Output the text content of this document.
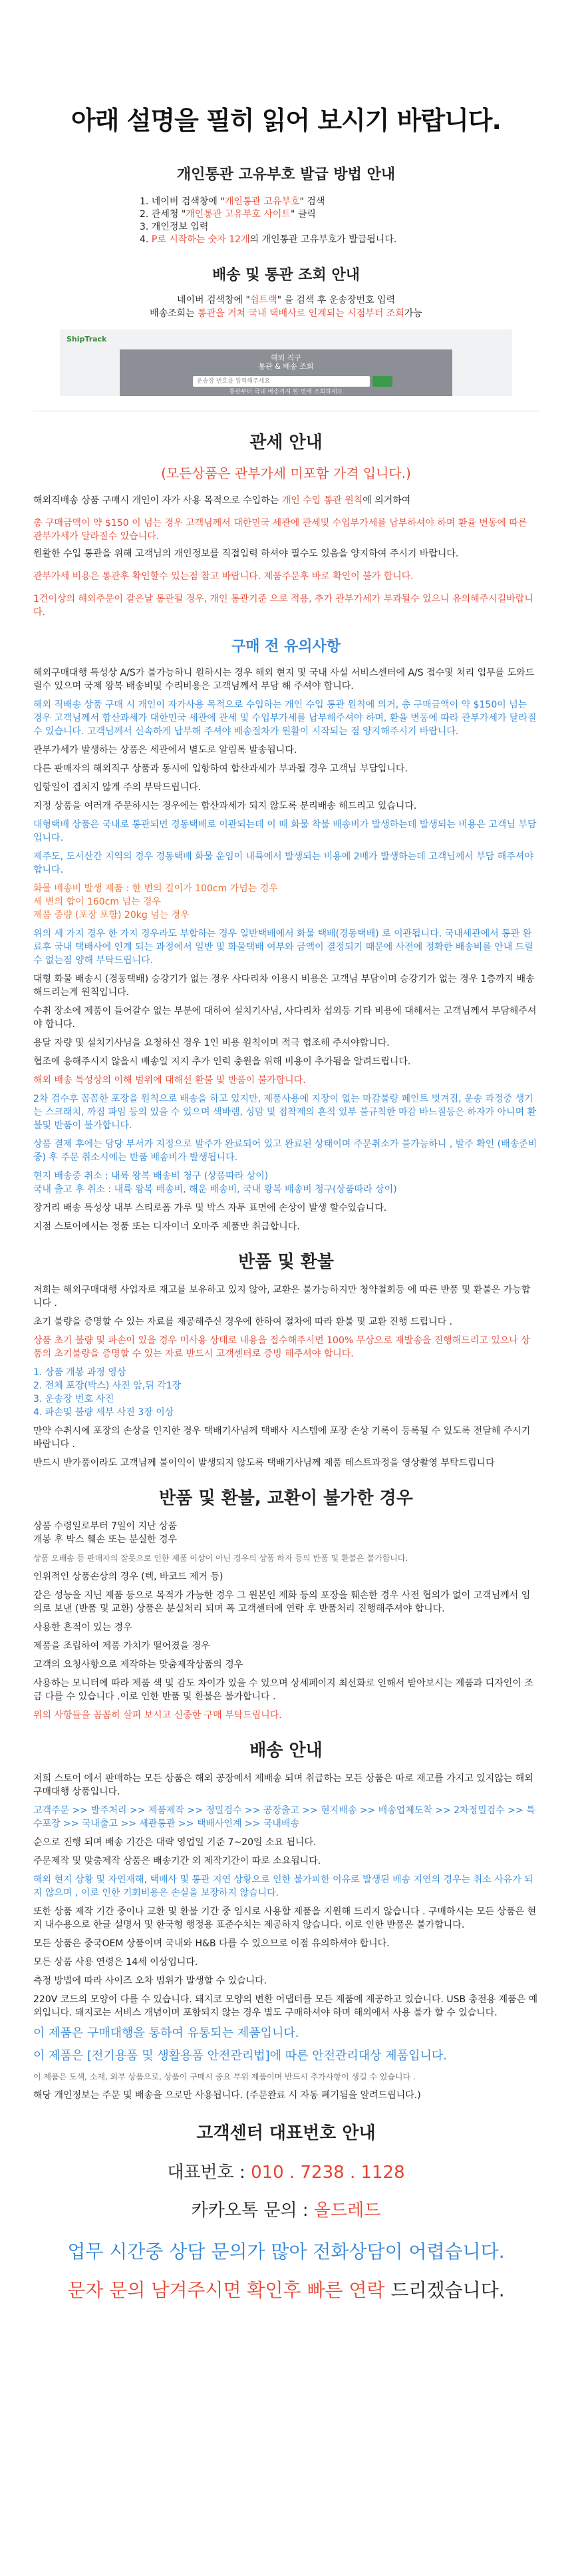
아래 설명을 필히 읽어 보시기 바랍니다.

개인통관 고유부호 발급 방법 안내

1. 네이버 검색창에 "개인통관 고유부호" 검색
2. 관세청 "개인통관 고유부호 사이트" 클릭
3. 개인정보 입력
4. P로 시작하는 숫자 12개의 개인통관 고유부호가 발급됩니다.

배송 및 통관 조회 안내

네이버 검색창에 "쉽트랙" 을 검색 후 운송장번호 입력
배송조회는 통관을 거쳐 국내 택배사로 인계되는 시점부터 조회가능
ShipTrack
해외 직구
통관 & 배송 조회
운송장 번호를 입력해주세요
통관부터 국내 배송까지 한 번에 조회하세요

관세 안내

(모든상품은 관부가세 미포함 가격 입니다.)

해외직배송 상품 구매시 개인이 자가 사용 목적으로 수입하는 개인 수입 통관 원칙에 의거하여

총 구매금액이 약 $150 이 넘는 경우 고객님께서 대한민국 세관에 관세및 수입부가세를 납부하셔야 하며 환율 변동에 따른 관부가세가 달라질수 있습니다.

원활한 수입 통관을 위해 고객님의 개인정보를 직접입력 하셔야 필수도 있음을 양지하여 주시기 바랍니다.

관부가세 비용은 통관후 확인할수 있는점 참고 바랍니다. 제품주문후 바로 확인이 불가 합니다.

1건이상의 해외주문이 같은날 통관될 경우, 개인 통관기준 으로 적용, 추가 관부가세가 부과될수 있으니 유의해주시길바랍니다.

구매 전 유의사항

해외구매대행 특성상 A/S가 불가능하니 원하시는 경우 해외 현지 및 국내 사설 서비스센터에 A/S 접수및 처리 업무를 도와드릴수 있으며 국제 왕복 배송비및 수리비용은 고객님께서 부담 해 주셔야 합니다.

해외 직배송 상품 구매 시 개인이 자가사용 목적으로 수입하는 개인 수입 통관 원칙에 의거, 총 구매금액이 약 $150이 넘는 경우 고객님께서 합산과세가 대한민국 세관에 관세 및 수입부가세를 납부해주셔야 하며, 환율 변동에 따라 관부가세가 달라질 수 있습니다. 고객님께서 신속하게 납부해 주셔야 배송절차가 원활이 시작되는 점 양지해주시기 바랍니다.

관부가세가 발생하는 상품은 세관에서 별도로 알림톡 발송됩니다.

다른 판매자의 해외직구 상품과 동시에 입항하여 합산과세가 부과될 경우 고객님 부담입니다.

입항일이 겹치지 않게 주의 부탁드립니다.

지정 상품을 여러개 주문하시는 경우에는 합산과세가 되지 않도록 분리배송 해드리고 있습니다.

대형택배 상품은 국내로 통관되면 경동택배로 이관되는데 이 때 화물 착불 배송비가 발생하는데 발생되는 비용은 고객님 부담입니다.

제주도, 도서산간 지역의 경우 경동택배 화물 운임이 내륙에서 발생되는 비용에 2배가 발생하는데 고객님께서 부담 해주셔야합니다.

화물 배송비 발생 제품 : 한 변의 길이가 100cm 가넘는 경우
세 변의 합이 160cm 넘는 경우
제품 중량 (포장 포함) 20kg 넘는 경우

위의 세 가지 경우 한 가지 경우라도 부합하는 경우 일반택배에서 화물 택배(경동택배) 로 이관됩니다. 국내세관에서 통관 완료후 국내 택배사에 인계 되는 과정에서 일반 및 화물택배 여부와 금액이 결정되기 때문에 사전에 정확한 배송비를 안내 드릴수 없는점 양해 부탁드립니다.

대형 화물 배송시 (경동택배) 승강기가 없는 경우 사다리차 이용시 비용은 고객님 부담이며 승강기가 없는 경우 1층까지 배송해드리는게 원칙입니다.

수취 장소에 제품이 들어갈수 없는 부분에 대하여 설치기사님, 사다리차 섭외등 기타 비용에 대해서는 고객님께서 부담해주셔야 합니다.

용달 자량 및 설치기사님을 요청하신 경우 1인 비용 원칙이며 적극 협조해 주셔야합니다.

협조에 응해주시지 않을시 배송일 지지 추가 인력 충원을 위해 비용이 추가됨을 알려드립니다.

해외 배송 특성상의 이해 범위에 대해선 환불 및 반품이 불가합니다.

2차 검수후 꼼꼼한 포장을 원칙으로 배송을 하고 있지만, 제품사용에 지장이 없는 마감불량 페인트 벗겨짐, 운송 과정중 생기는 스크래치, 까짐 파임 등의 있을 수 있으며 색바램, 싱맘 및 접착제의 흔적 있부 불규칙한 마감 바느질등은 하자가 아니며 환불및 반품이 불가합니다.

상품 결제 후에는 담당 부서가 지정으로 발주가 완료되어 있고 완료된 상태이며 주문취소가 불가능하니 , 발주 확인 (배송준비중) 후 주문 취소시에는 반품 배송비가 발생됩니다.

현지 배송중 취소 : 내륙 왕복 배송비 청구 (상품따라 상이)
국내 출고 후 취소 : 내륙 왕복 배송비, 해운 배송비, 국내 왕복 배송비 청구(상품따라 상이)

장거리 배송 특성상 내부 스티로폼 가루 및 박스 자투 표면에 손상이 발생 할수있습니다.

지점 스토어에서는 정품 또는 디자이너 오마주 제품만 취급합니다.

반품 및 환불

저희는 해외구매대행 사업자로 재고를 보유하고 있지 않아, 교환은 불가능하지만 청약철회등 에 따른 반품 및 환불은 가능합니다 .

초기 불량을 증명할 수 있는 자료를 제공해주신 경우에 한하여 절차에 따라 환불 및 교환 진행 드립니다 .

상품 초기 불량 및 파손이 있을 경우 미사용 상태로 내용을 접수해주시면 100% 무상으로 재발송을 진행해드리고 있으나 상품의 초기불량을 증명할 수 있는 자료 반드시 고객센터로 증빙 해주셔야 합니다.

1. 상품 개봉 과정 영상
2. 전체 포장(박스) 사진 앞,뒤 각1장
3. 운송장 번호 사진
4. 파손및 불량 세부 사진 3장 이상

만약 수취시에 포장의 손상을 인지한 경우 택배기사님께 택배사 시스템에 포장 손상 기록이 등록될 수 있도록 전달해 주시기 바랍니다 .

반드시 반가품이라도 고객님께 불이익이 발생되지 않도록 택배기사님께 제품 테스트과정을 영상촬영 부탁드립니다

반품 및 환불, 교환이 불가한 경우

상품 수령일로부터 7일이 지난 상품
개봉 후 박스 훼손 또는 분실한 경우

상품 오배송 등 판매자의 잘못으로 인한 제품 이상이 아닌 경우의 상품 하자 등의 반품 및 환불은 불가합니다.

인위적인 상품손상의 경우 (텍, 바코드 제거 등)

같은 성능을 지닌 제품 등으로 목적가 가능한 경우 그 원본인 제화 등의 포장을 훼손한 경우 사전 협의가 없이 고객님께서 임의로 보낸 (반품 및 교환) 상품은 분실처리 되며 폭 고객센터에 연락 후 반품처리 진행해주셔야 합니다.

사용한 흔적이 있는 경우

제품을 조립하여 제품 가치가 떨어졌을 경우

고객의 요청사항으로 제작하는 맞춤제작상품의 경우

사용하는 모니터에 따라 제품 색 및 감도 차이가 있을 수 있으며 상세페이지 최선화로 인해서 받아보시는 제품과 디자인이 조금 다를 수 있습니다 .이로 인한 반품 및 환불은 불가합니다 .

위의 사항들을 꼼꼼히 살펴 보시고 신중한 구매 부탁드립니다.

배송 안내

저희 스토어 에서 판매하는 모든 상품은 해외 공장에서 제배송 되며 취급하는 모든 상품은 따로 재고를 가지고 있지않는 해외 구매대행 상품입니다.

고객주문 >> 발주처리 >> 제품제작 >> 정밀검수 >> 공장출고 >> 현지배송 >> 배송업체도착 >> 2차정밀검수 >> 특수포장 >> 국내출고 >> 세관통관 >> 택배사인계 >> 국내배송

순으로 진행 되며 배송 기간은 대략 영업일 기준 7~20일 소요 됩니다.

주문제작 및 맞춤제작 상품은 배송기간 외 제작기간이 따로 소요됩니다.

해외 현지 상황 및 자연재해, 택배사 및 통관 지연 상황으로 인한 불가피한 이유로 발생된 배송 지연의 경우는 취소 사유가 되지 않으며 , 이로 인한 기회비용은 손실을 보장하지 않습니다.

또한 상품 제작 기간 중이나 교환 및 환불 기간 중 임시로 사용할 제품을 지원해 드리지 않습니다 . 구매하시는 모든 상품은 현지 내수용으로 한글 설명서 및 한국형 행정용 표준수치는 제공하지 않습니다. 이로 인한 반품은 불가합니다.

모든 상품은 중국OEM 상품이며 국내와 H&B 다를 수 있으므로 이점 유의하셔야 합니다.

모든 상품 사용 연령은 14세 이상입니다.

측정 방법에 따라 사이즈 오차 범위가 발생할 수 있습니다.

220V 코드의 모양이 다를 수 있습니다. 돼지코 모양의 변환 어댑터를 모든 제품에 제공하고 있습니다. USB 충전용 제품은 예외입니다. 돼지코는 서비스 개념이며 포함되지 않는 경우 별도 구매하셔야 하며 해외에서 사용 불가 할 수 있습니다.

이 제품은 구매대행을 통하여 유통되는 제품입니다.

이 제품은 [전기용품 및 생활용품 안전관리법]에 따른 안전관리대상 제품입니다.

이 제품은 도색, 소재, 외부 상품으로, 상품이 구매시 중요 부위 제품이며 반드시 추가사항이 생길 수 있습니다 .

해당 개인정보는 주문 및 배송을 으로만 사용됩니다. (주문완료 시 자동 폐기됨을 알려드립니다.)

고객센터 대표번호 안내

대표번호 : 010 . 7238 . 1128

카카오톡 문의 : 올드레드

업무 시간중 상담 문의가 많아 전화상담이 어렵습니다.

문자 문의 남겨주시면 확인후 빠른 연락 드리겠습니다.
